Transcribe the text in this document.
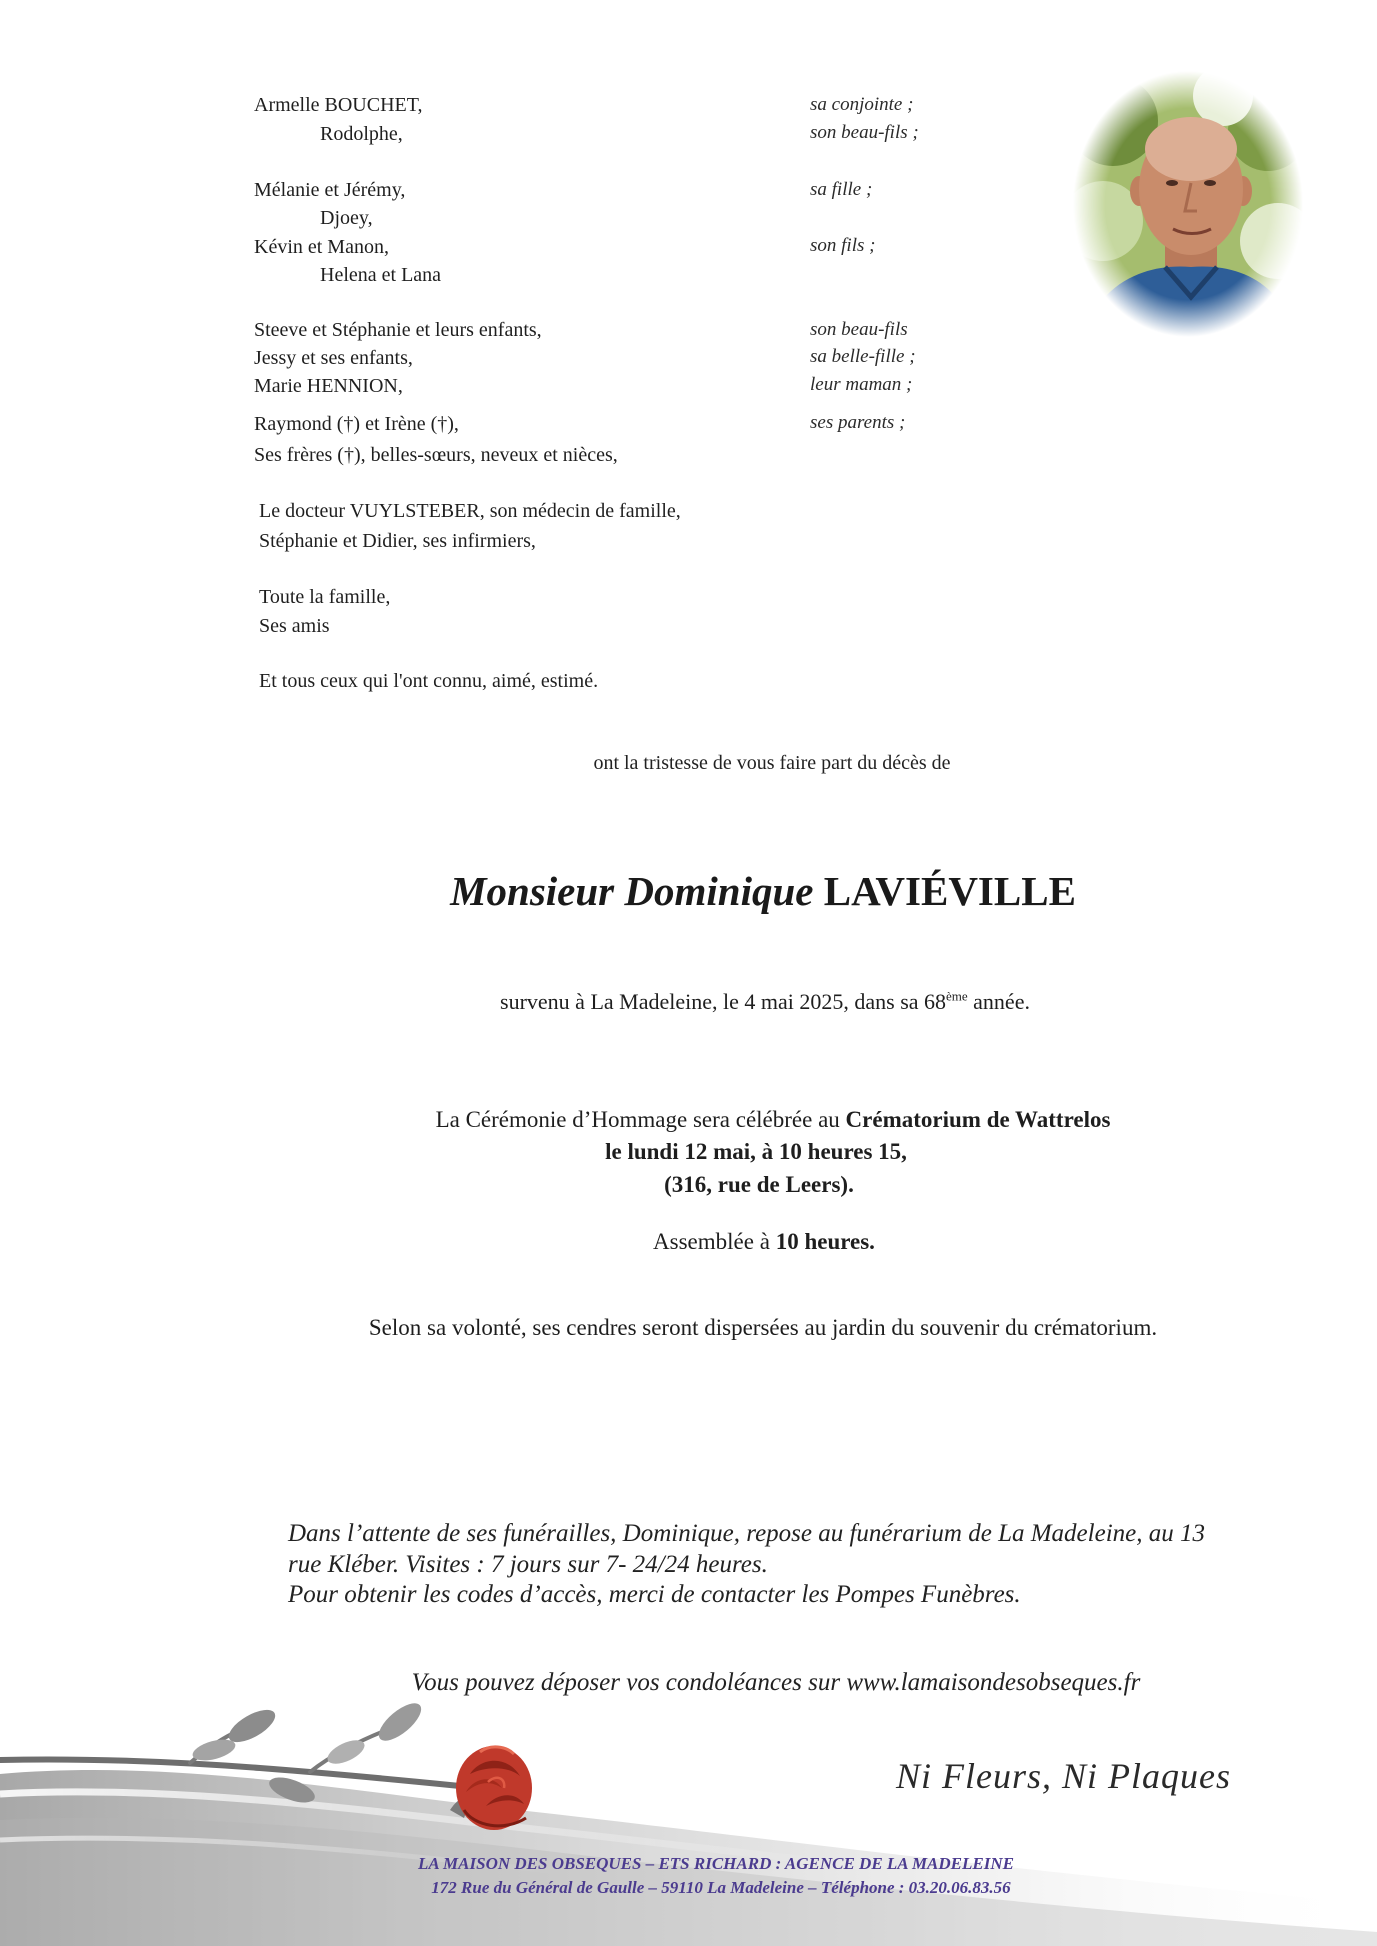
Armelle BOUCHET,
Rodolphe,
Mélanie et Jérémy,
Djoey,
Kévin et Manon,
Helena et Lana
Steeve et Stéphanie et leurs enfants,
Jessy et ses enfants,
Marie HENNION,
Raymond (†) et Irène (†),
Ses frères (†), belles-sœurs, neveux et nièces,
sa conjointe ;
son beau-fils ;
sa fille ;
son fils ;
son beau-fils
sa belle-fille ;
leur maman ;
ses parents ;
Le docteur VUYLSTEBER, son médecin de famille,
Stéphanie et Didier, ses infirmiers,
Toute la famille,
Ses amis
Et tous ceux qui l'ont connu, aimé, estimé.
ont la tristesse de vous faire part du décès de
Monsieur Dominique LAVIÉVILLE
survenu à La Madeleine, le 4 mai 2025, dans sa 68ème année.
La Cérémonie d’Hommage sera célébrée au Crématorium de Wattrelos
le lundi 12 mai, à 10 heures 15,
(316, rue de Leers).
Assemblée à 10 heures.
Selon sa volonté, ses cendres seront dispersées au jardin du souvenir du crématorium.
Dans l’attente de ses funérailles, Dominique, repose au funérarium de La Madeleine, au 13
rue Kléber. Visites : 7 jours sur 7- 24/24 heures.
Pour obtenir les codes d’accès, merci de contacter les Pompes Funèbres.
Vous pouvez déposer vos condoléances sur www.lamaisondesobseques.fr
Ni Fleurs, Ni Plaques
LA MAISON DES OBSEQUES – ETS RICHARD : AGENCE DE LA MADELEINE
172 Rue du Général de Gaulle – 59110 La Madeleine – Téléphone : 03.20.06.83.56
